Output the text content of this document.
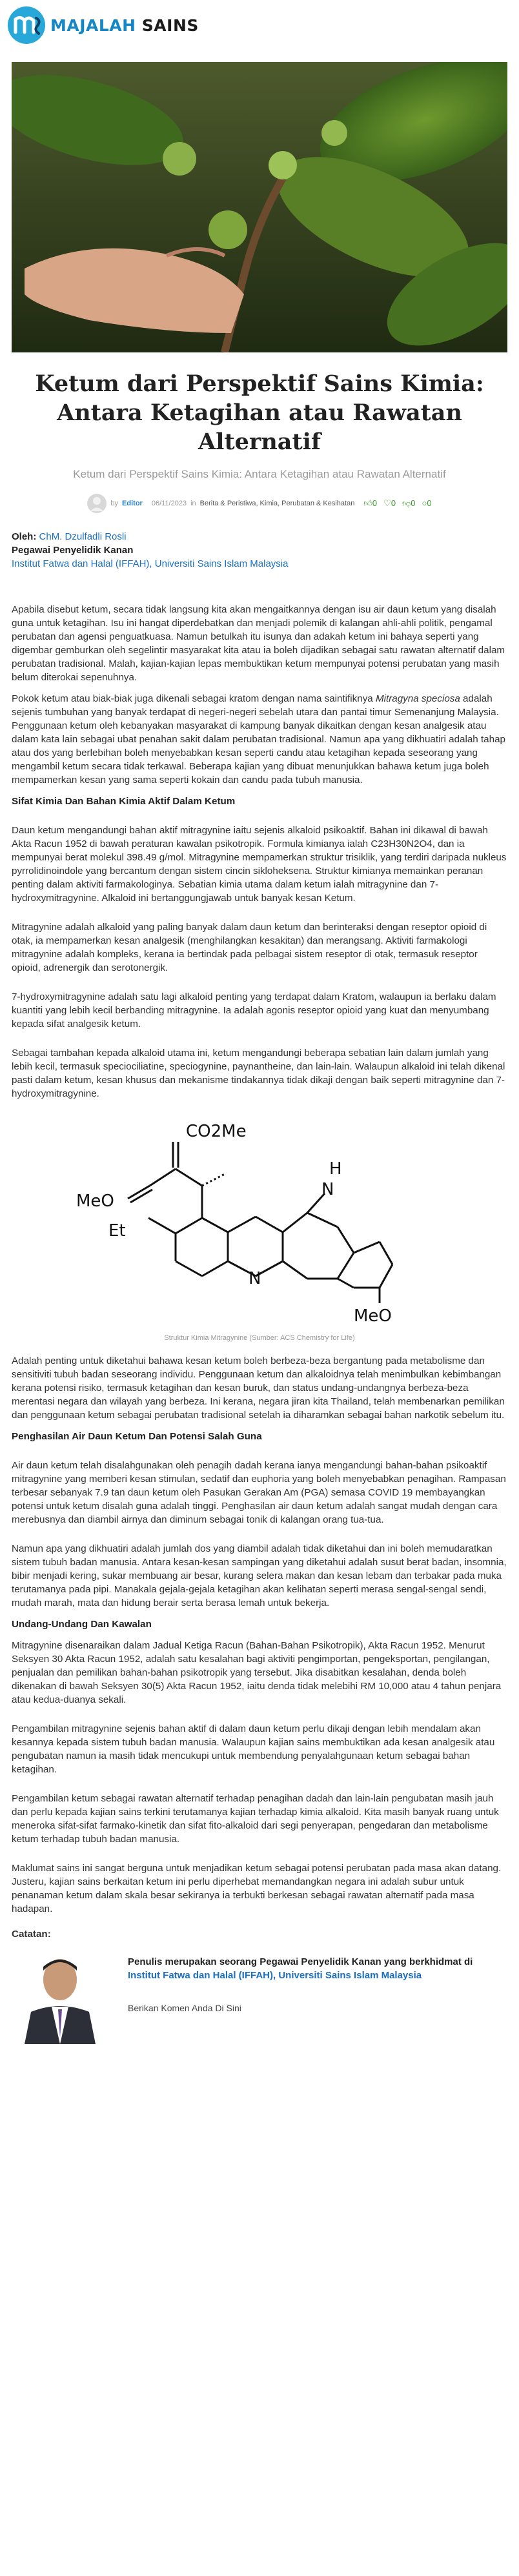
MAJALAH SAINS
Ketum dari Perspektif Sains Kimia: Antara Ketagihan atau Rawatan Alternatif
Ketum dari Perspektif Sains Kimia: Antara Ketagihan atau Rawatan Alternatif
by Editor 06/11/2023 in Berita & Peristiwa, Kimia, Perubatan & Kesihatan 👍︎0 ♡0 👎︎0 ○0
Oleh: ChM. Dzulfadli Rosli
Pegawai Penyelidik Kanan
Institut Fatwa dan Halal (IFFAH), Universiti Sains Islam Malaysia

Apabila disebut ketum, secara tidak langsung kita akan mengaitkannya dengan isu air daun ketum yang disalah guna untuk ketagihan. Isu ini hangat diperdebatkan dan menjadi polemik di kalangan ahli-ahli politik, pengamal perubatan dan agensi penguatkuasa. Namun betulkah itu isunya dan adakah ketum ini bahaya seperti yang digembar gemburkan oleh segelintir masyarakat kita atau ia boleh dijadikan sebagai satu rawatan alternatif dalam perubatan tradisional. Malah, kajian-kajian lepas membuktikan ketum mempunyai potensi perubatan yang masih belum diterokai sepenuhnya.

Pokok ketum atau biak-biak juga dikenali sebagai kratom dengan nama saintifiknya Mitragyna speciosa adalah sejenis tumbuhan yang banyak terdapat di negeri-negeri sebelah utara dan pantai timur Semenanjung Malaysia. Penggunaan ketum oleh kebanyakan masyarakat di kampung banyak dikaitkan dengan kesan analgesik atau dalam kata lain sebagai ubat penahan sakit dalam perubatan tradisional. Namun apa yang dikhuatiri adalah tahap atau dos yang berlebihan boleh menyebabkan kesan seperti candu atau ketagihan kepada seseorang yang mengambil ketum secara tidak terkawal. Beberapa kajian yang dibuat menunjukkan bahawa ketum juga boleh mempamerkan kesan yang sama seperti kokain dan candu pada tubuh manusia.

Sifat Kimia Dan Bahan Kimia Aktif Dalam Ketum

Daun ketum mengandungi bahan aktif mitragynine iaitu sejenis alkaloid psikoaktif. Bahan ini dikawal di bawah Akta Racun 1952 di bawah peraturan kawalan psikotropik. Formula kimianya ialah C23H30N2O4, dan ia mempunyai berat molekul 398.49 g/mol. Mitragynine mempamerkan struktur trisiklik, yang terdiri daripada nukleus pyrrolidinoindole yang bercantum dengan sistem cincin sikloheksena. Struktur kimianya memainkan peranan penting dalam aktiviti farmakologinya. Sebatian kimia utama dalam ketum ialah mitragynine dan 7-hydroxymitragynine. Alkaloid ini bertanggungjawab untuk banyak kesan Ketum.

Mitragynine adalah alkaloid yang paling banyak dalam daun ketum dan berinteraksi dengan reseptor opioid di otak, ia mempamerkan kesan analgesik (menghilangkan kesakitan) dan merangsang. Aktiviti farmakologi mitragynine adalah kompleks, kerana ia bertindak pada pelbagai sistem reseptor di otak, termasuk reseptor opioid, adrenergik dan serotonergik.

7-hydroxymitragynine adalah satu lagi alkaloid penting yang terdapat dalam Kratom, walaupun ia berlaku dalam kuantiti yang lebih kecil berbanding mitragynine. Ia adalah agonis reseptor opioid yang kuat dan menyumbang kepada sifat analgesik ketum.

Sebagai tambahan kepada alkaloid utama ini, ketum mengandungi beberapa sebatian lain dalam jumlah yang lebih kecil, termasuk speciociliatine, speciogynine, paynantheine, dan lain-lain. Walaupun alkaloid ini telah dikenal pasti dalam ketum, kesan khusus dan mekanisme tindakannya tidak dikaji dengan baik seperti mitragynine dan 7-hydroxymitragynine.

CO2Me
MeO
Et
H
N
N
MeO
Struktur Kimia Mitragynine (Sumber: ACS Chemistry for Life)

Adalah penting untuk diketahui bahawa kesan ketum boleh berbeza-beza bergantung pada metabolisme dan sensitiviti tubuh badan seseorang individu. Penggunaan ketum dan alkaloidnya telah menimbulkan kebimbangan kerana potensi risiko, termasuk ketagihan dan kesan buruk, dan status undang-undangnya berbeza-beza merentasi negara dan wilayah yang berbeza. Ini kerana, negara jiran kita Thailand, telah membenarkan pemilikan dan penggunaan ketum sebagai perubatan tradisional setelah ia diharamkan sebagai bahan narkotik sebelum itu.

Penghasilan Air Daun Ketum Dan Potensi Salah Guna

Air daun ketum telah disalahgunakan oleh penagih dadah kerana ianya mengandungi bahan-bahan psikoaktif mitragynine yang memberi kesan stimulan, sedatif dan euphoria yang boleh menyebabkan penagihan. Rampasan terbesar sebanyak 7.9 tan daun ketum oleh Pasukan Gerakan Am (PGA) semasa COVID 19 membayangkan potensi untuk ketum disalah guna adalah tinggi. Penghasilan air daun ketum adalah sangat mudah dengan cara merebusnya dan diambil airnya dan diminum sebagai tonik di kalangan orang tua-tua.

Namun apa yang dikhuatiri adalah jumlah dos yang diambil adalah tidak diketahui dan ini boleh memudaratkan sistem tubuh badan manusia. Antara kesan-kesan sampingan yang diketahui adalah susut berat badan, insomnia, bibir menjadi kering, sukar membuang air besar, kurang selera makan dan kesan lebam dan terbakar pada muka terutamanya pada pipi. Manakala gejala-gejala ketagihan akan kelihatan seperti merasa sengal-sengal sendi, mudah marah, mata dan hidung berair serta berasa lemah untuk bekerja.

Undang-Undang Dan Kawalan

Mitragynine disenaraikan dalam Jadual Ketiga Racun (Bahan-Bahan Psikotropik), Akta Racun 1952. Menurut Seksyen 30 Akta Racun 1952, adalah satu kesalahan bagi aktiviti pengimportan, pengeksportan, pengilangan, penjualan dan pemilikan bahan-bahan psikotropik yang tersebut. Jika disabitkan kesalahan, denda boleh dikenakan di bawah Seksyen 30(5) Akta Racun 1952, iaitu denda tidak melebihi RM 10,000 atau 4 tahun penjara atau kedua-duanya sekali.

Pengambilan mitragynine sejenis bahan aktif di dalam daun ketum perlu dikaji dengan lebih mendalam akan kesannya kepada sistem tubuh badan manusia. Walaupun kajian sains membuktikan ada kesan analgesik atau pengubatan namun ia masih tidak mencukupi untuk membendung penyalahgunaan ketum sebagai bahan ketagihan.

Pengambilan ketum sebagai rawatan alternatif terhadap penagihan dadah dan lain-lain pengubatan masih jauh dan perlu kepada kajian sains terkini terutamanya kajian terhadap kimia alkaloid. Kita masih banyak ruang untuk meneroka sifat-sifat farmako-kinetik dan sifat fito-alkaloid dari segi penyerapan, pengedaran dan metabolisme ketum terhadap tubuh badan manusia.

Maklumat sains ini sangat berguna untuk menjadikan ketum sebagai potensi perubatan pada masa akan datang. Justeru, kajian sains berkaitan ketum ini perlu diperhebat memandangkan negara ini adalah subur untuk penanaman ketum dalam skala besar sekiranya ia terbukti berkesan sebagai rawatan alternatif pada masa hadapan.

Catatan:
Penulis merupakan seorang Pegawai Penyelidik Kanan yang berkhidmat di Institut Fatwa dan Halal (IFFAH), Universiti Sains Islam Malaysia
Berikan Komen Anda Di Sini
